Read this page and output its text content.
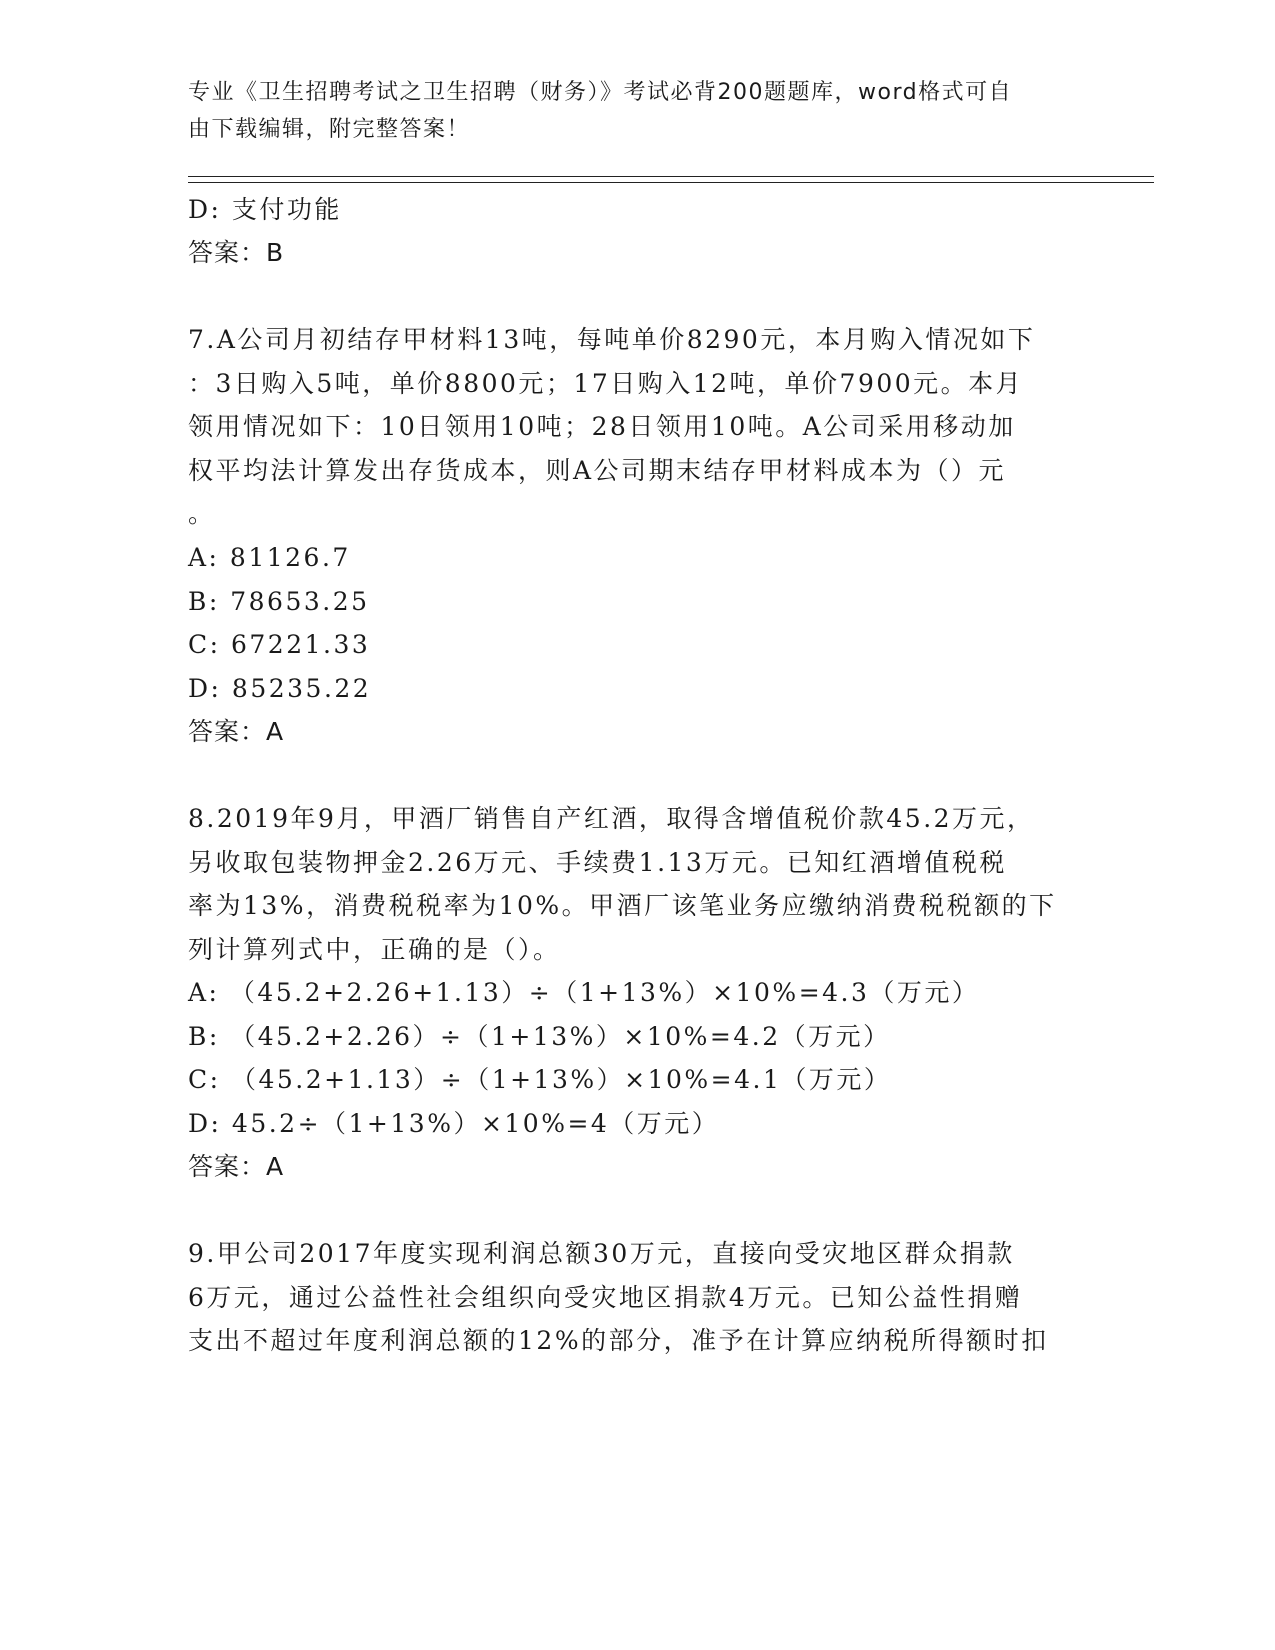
专业《卫生招聘考试之卫生招聘（财务）》考试必背200题题库，word格式可自
由下载编辑，附完整答案！
D: 支付功能
答案：B
7.A公司月初结存甲材料13吨，每吨单价8290元，本月购入情况如下
：3日购入5吨，单价8800元；17日购入12吨，单价7900元。本月
领用情况如下：10日领用10吨；28日领用10吨。A公司采用移动加
权平均法计算发出存货成本，则A公司期末结存甲材料成本为（）元
。
A: 81126.7
B: 78653.25
C: 67221.33
D: 85235.22
答案：A
8.2019年9月，甲酒厂销售自产红酒，取得含增值税价款45.2万元，
另收取包装物押金2.26万元、手续费1.13万元。已知红酒增值税税
率为13%，消费税税率为10%。甲酒厂该笔业务应缴纳消费税税额的下
列计算列式中，正确的是（）。
A: （45.2+2.26+1.13）÷（1+13%）×10%=4.3（万元）
B: （45.2+2.26）÷（1+13%）×10%=4.2（万元）
C: （45.2+1.13）÷（1+13%）×10%=4.1（万元）
D: 45.2÷（1+13%）×10%=4（万元）
答案：A
9.甲公司2017年度实现利润总额30万元，直接向受灾地区群众捐款
6万元，通过公益性社会组织向受灾地区捐款4万元。已知公益性捐赠
支出不超过年度利润总额的12%的部分，准予在计算应纳税所得额时扣
